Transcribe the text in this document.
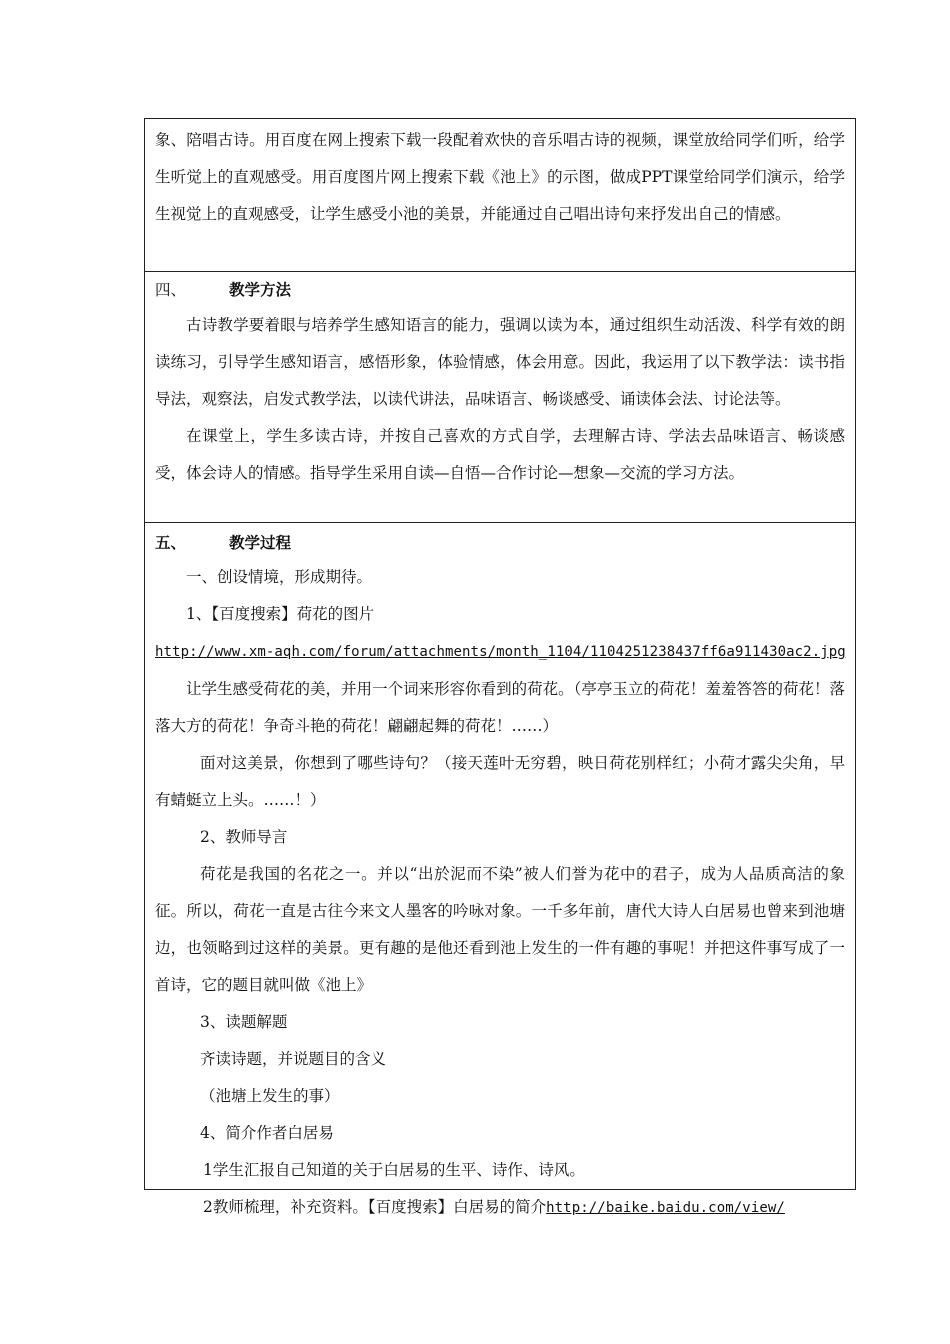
象、陪唱古诗。用百度在网上搜索下载一段配着欢快的音乐唱古诗的视频，课堂放给同学们听，给学生听觉上的直观感受。用百度图片网上搜索下载《池上》的示图，做成PPT课堂给同学们演示，给学生视觉上的直观感受，让学生感受小池的美景，并能通过自己唱出诗句来抒发出自己的情感。

四、	教学方法

古诗教学要着眼与培养学生感知语言的能力，强调以读为本，通过组织生动活泼、科学有效的朗读练习，引导学生感知语言，感悟形象，体验情感，体会用意。因此，我运用了以下教学法：读书指导法，观察法，启发式教学法，以读代讲法，品味语言、畅谈感受、诵读体会法、讨论法等。

在课堂上，学生多读古诗，并按自己喜欢的方式自学，去理解古诗、学法去品味语言、畅谈感受，体会诗人的情感。指导学生采用自读—自悟—合作讨论—想象—交流的学习方法。

五、	教学过程

一、创设情境，形成期待。

1、【百度搜索】荷花的图片

http://www.xm-aqh.com/forum/attachments/month_1104/1104251238437ff6a911430ac2.jpg

让学生感受荷花的美，并用一个词来形容你看到的荷花。（亭亭玉立的荷花！羞羞答答的荷花！落落大方的荷花！争奇斗艳的荷花！翩翩起舞的荷花！……）

面对这美景，你想到了哪些诗句？（接天莲叶无穷碧，映日荷花别样红；小荷才露尖尖角，早有蜻蜓立上头。……！）

2、教师导言

荷花是我国的名花之一。并以“出於泥而不染”被人们誉为花中的君子，成为人品质高洁的象征。所以，荷花一直是古往今来文人墨客的吟咏对象。一千多年前，唐代大诗人白居易也曾来到池塘边，也领略到过这样的美景。更有趣的是他还看到池上发生的一件有趣的事呢！并把这件事写成了一首诗，它的题目就叫做《池上》

3、读题解题

齐读诗题，并说题目的含义

（池塘上发生的事）

4、简介作者白居易

1学生汇报自己知道的关于白居易的生平、诗作、诗风。

2教师梳理，补充资料。【百度搜索】白居易的简介http://baike.baidu.com/view/
